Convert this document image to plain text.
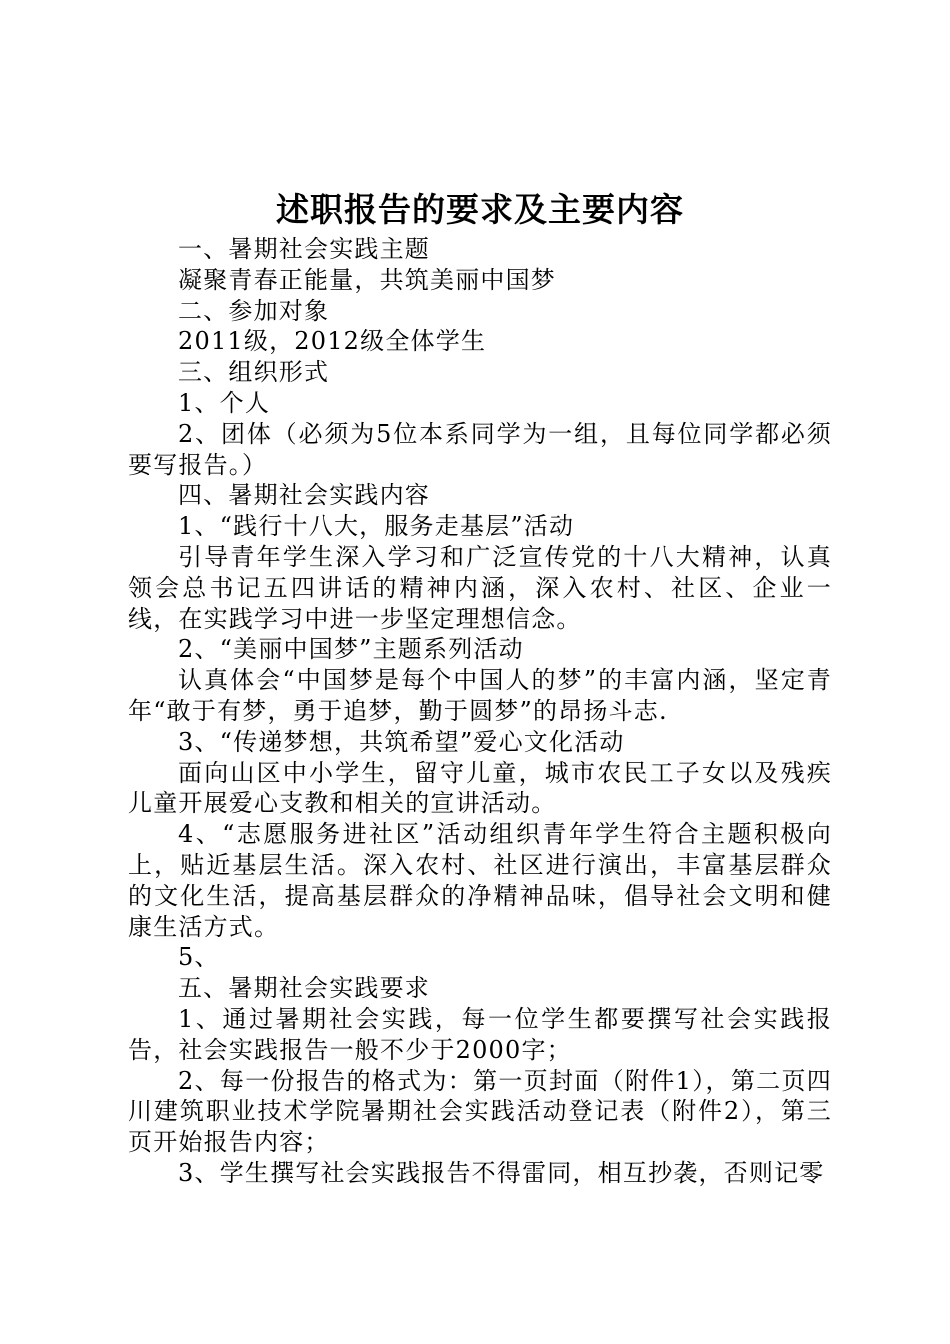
述职报告的要求及主要内容

一、暑期社会实践主题

凝聚青春正能量，共筑美丽中国梦

二、参加对象

2011级，2012级全体学生

三、组织形式

1、个人

2、团体（必须为5位本系同学为一组，且每位同学都必须要写报告。）

四、暑期社会实践内容

1、“践行十八大，服务走基层”活动

引导青年学生深入学习和广泛宣传党的十八大精神，认真领会总书记五四讲话的精神内涵，深入农村、社区、企业一线，在实践学习中进一步坚定理想信念。

2、“美丽中国梦”主题系列活动

认真体会“中国梦是每个中国人的梦”的丰富内涵，坚定青年“敢于有梦，勇于追梦，勤于圆梦”的昂扬斗志.

3、“传递梦想，共筑希望”爱心文化活动

面向山区中小学生，留守儿童，城市农民工子女以及残疾儿童开展爱心支教和相关的宣讲活动。

4、“志愿服务进社区”活动组织青年学生符合主题积极向上，贴近基层生活。深入农村、社区进行演出，丰富基层群众的文化生活，提高基层群众的净精神品味，倡导社会文明和健康生活方式。

5、

五、暑期社会实践要求

1、通过暑期社会实践，每一位学生都要撰写社会实践报告，社会实践报告一般不少于2000字；

2、每一份报告的格式为：第一页封面（附件1），第二页四川建筑职业技术学院暑期社会实践活动登记表（附件2），第三页开始报告内容；

3、学生撰写社会实践报告不得雷同，相互抄袭，否则记零
